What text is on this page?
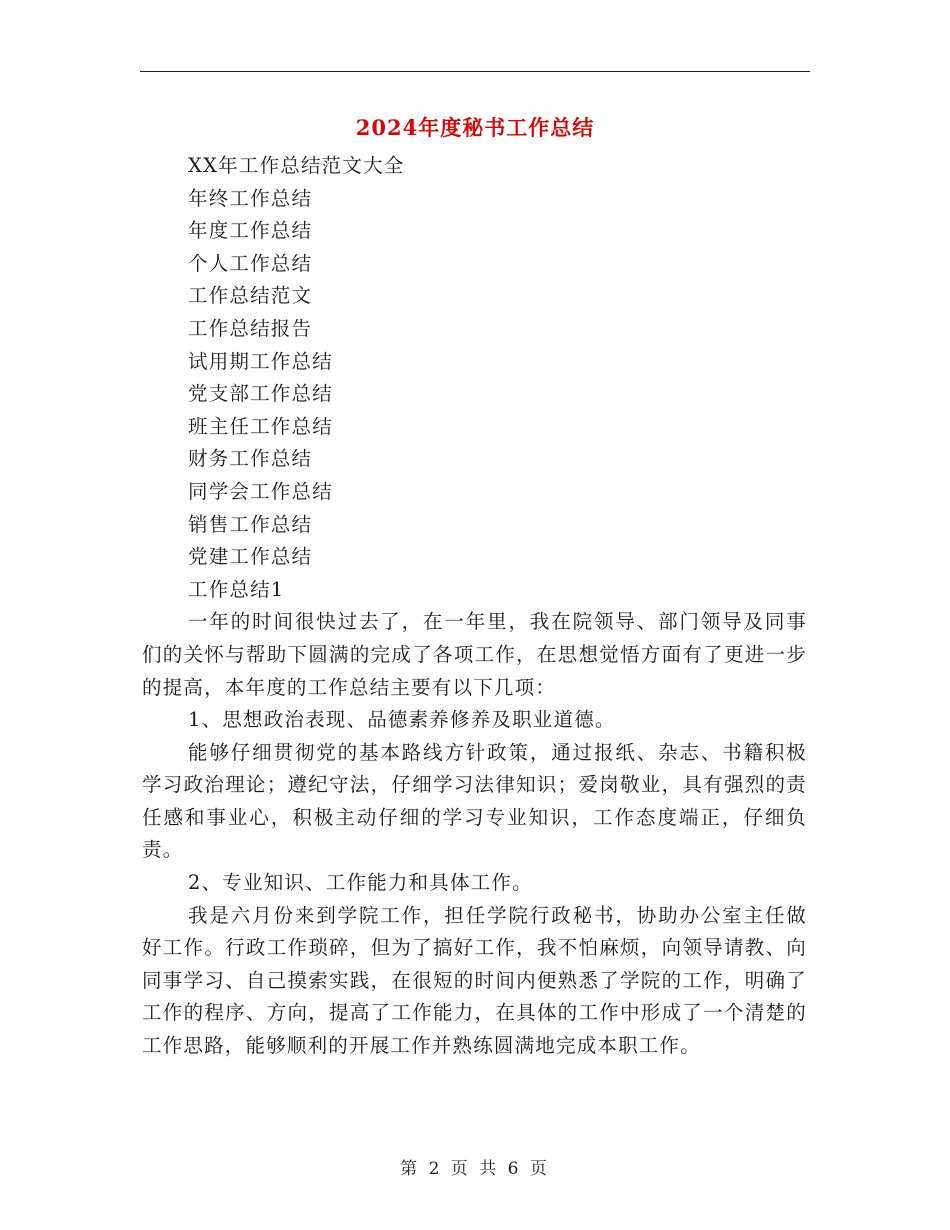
2024年度秘书工作总结
XX年工作总结范文大全
年终工作总结
年度工作总结
个人工作总结
工作总结范文
工作总结报告
试用期工作总结
党支部工作总结
班主任工作总结
财务工作总结
同学会工作总结
销售工作总结
党建工作总结
工作总结1
一年的时间很快过去了，在一年里，我在院领导、部门领导及同事们的关怀与帮助下圆满的完成了各项工作，在思想觉悟方面有了更进一步的提高，本年度的工作总结主要有以下几项：
1、思想政治表现、品德素养修养及职业道德。
能够仔细贯彻党的基本路线方针政策，通过报纸、杂志、书籍积极学习政治理论；遵纪守法，仔细学习法律知识；爱岗敬业，具有强烈的责任感和事业心，积极主动仔细的学习专业知识，工作态度端正，仔细负责。
2、专业知识、工作能力和具体工作。
我是六月份来到学院工作，担任学院行政秘书，协助办公室主任做好工作。行政工作琐碎，但为了搞好工作，我不怕麻烦，向领导请教、向同事学习、自己摸索实践，在很短的时间内便熟悉了学院的工作，明确了工作的程序、方向，提高了工作能力，在具体的工作中形成了一个清楚的工作思路，能够顺利的开展工作并熟练圆满地完成本职工作。
第 2 页 共 6 页
